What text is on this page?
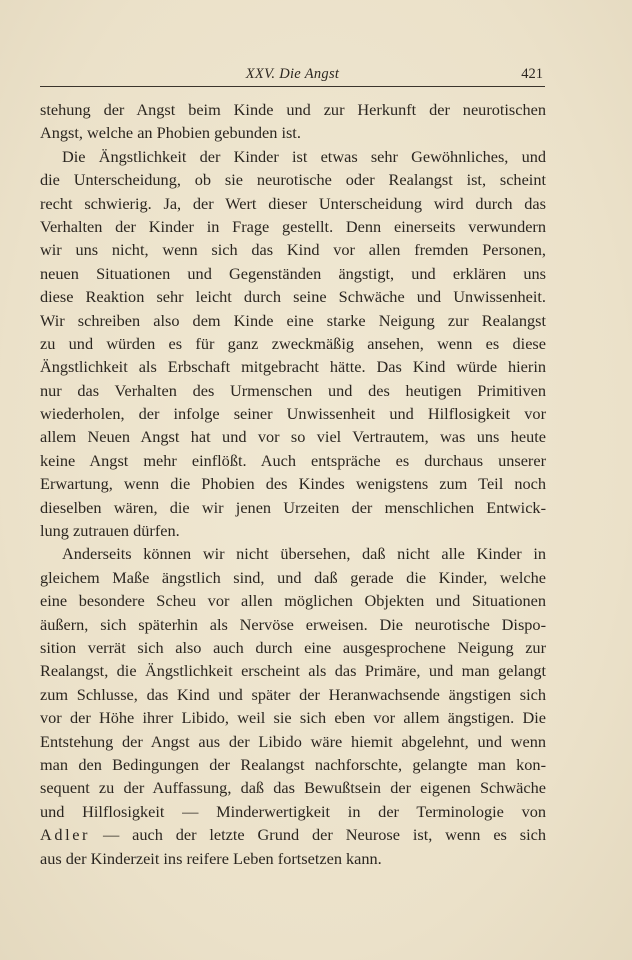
XXV. Die Angst	421
stehung der Angst beim Kinde und zur Herkunft der neurotischen
Angst, welche an Phobien gebunden ist.
Die Ängstlichkeit der Kinder ist etwas sehr Gewöhnliches, und
die Unterscheidung, ob sie neurotische oder Realangst ist, scheint
recht schwierig. Ja, der Wert dieser Unterscheidung wird durch das
Verhalten der Kinder in Frage gestellt. Denn einerseits verwundern
wir uns nicht, wenn sich das Kind vor allen fremden Personen,
neuen Situationen und Gegenständen ängstigt, und erklären uns
diese Reaktion sehr leicht durch seine Schwäche und Unwissenheit.
Wir schreiben also dem Kinde eine starke Neigung zur Realangst
zu und würden es für ganz zweckmäßig ansehen, wenn es diese
Ängstlichkeit als Erbschaft mitgebracht hätte. Das Kind würde hierin
nur das Verhalten des Urmenschen und des heutigen Primitiven
wiederholen, der infolge seiner Unwissenheit und Hilflosigkeit vor
allem Neuen Angst hat und vor so viel Vertrautem, was uns heute
keine Angst mehr einflößt. Auch entspräche es durchaus unserer
Erwartung, wenn die Phobien des Kindes wenigstens zum Teil noch
dieselben wären, die wir jenen Urzeiten der menschlichen Entwick-
lung zutrauen dürfen.
Anderseits können wir nicht übersehen, daß nicht alle Kinder in
gleichem Maße ängstlich sind, und daß gerade die Kinder, welche
eine besondere Scheu vor allen möglichen Objekten und Situationen
äußern, sich späterhin als Nervöse erweisen. Die neurotische Dispo-
sition verrät sich also auch durch eine ausgesprochene Neigung zur
Realangst, die Ängstlichkeit erscheint als das Primäre, und man gelangt
zum Schlusse, das Kind und später der Heranwachsende ängstigen sich
vor der Höhe ihrer Libido, weil sie sich eben vor allem ängstigen. Die
Entstehung der Angst aus der Libido wäre hiemit abgelehnt, und wenn
man den Bedingungen der Realangst nachforschte, gelangte man kon-
sequent zu der Auffassung, daß das Bewußtsein der eigenen Schwäche
und Hilflosigkeit — Minderwertigkeit in der Terminologie von
Adler — auch der letzte Grund der Neurose ist, wenn es sich
aus der Kinderzeit ins reifere Leben fortsetzen kann.
